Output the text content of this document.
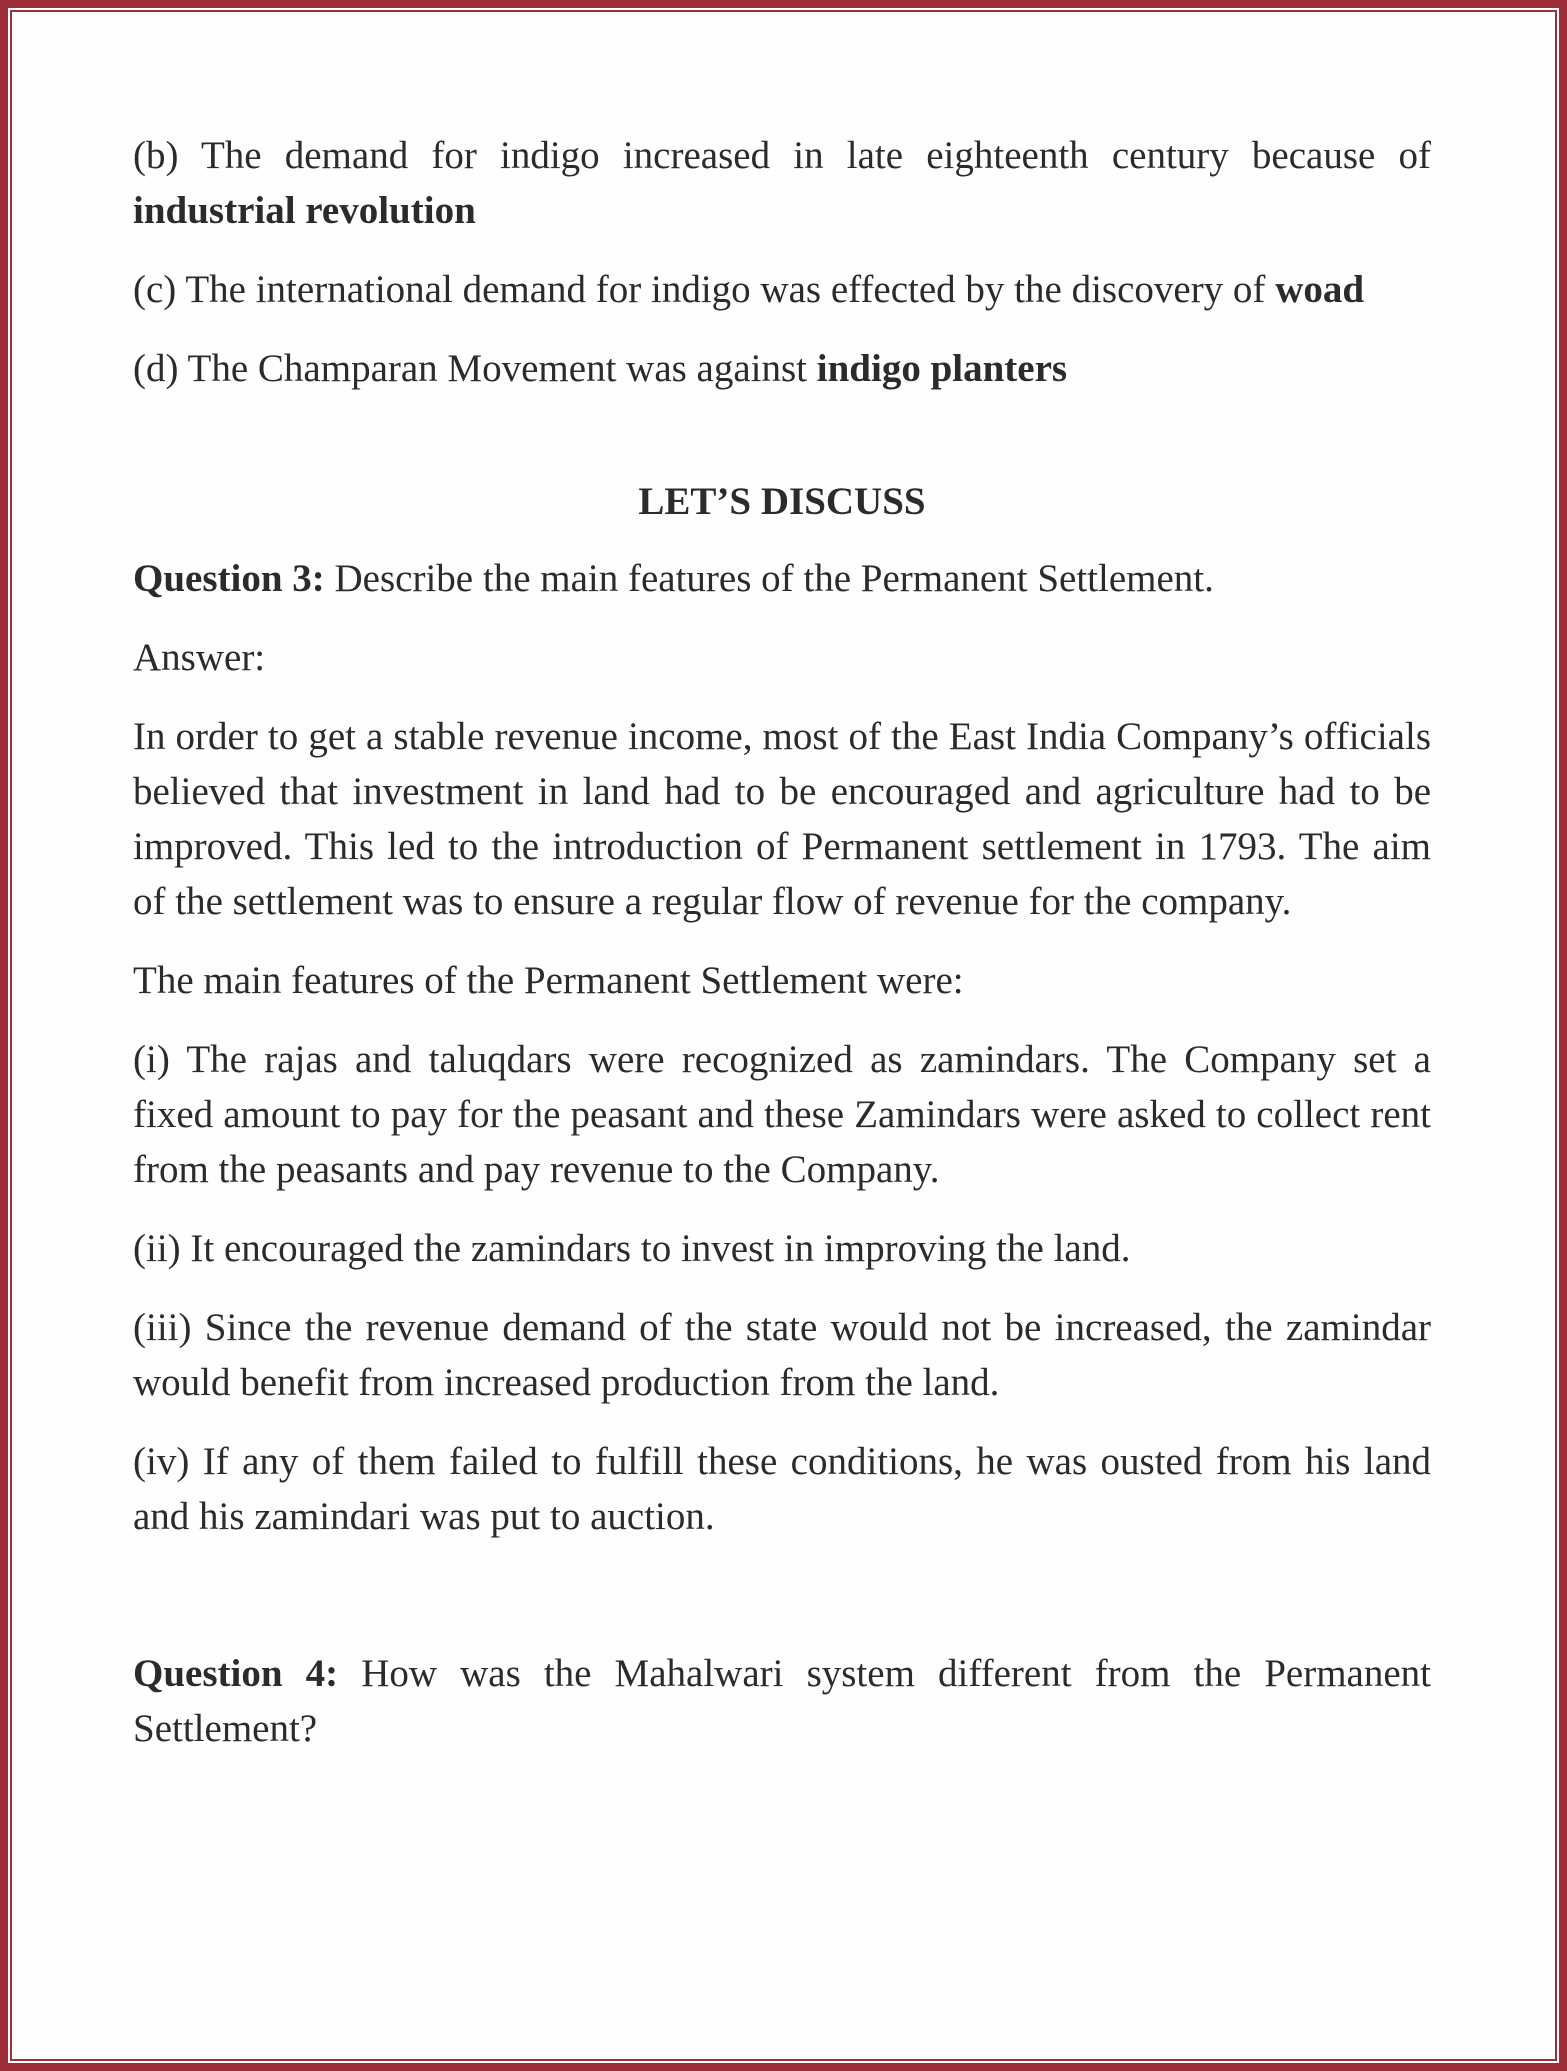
(b) The demand for indigo increased in late eighteenth century because of industrial revolution

(c) The international demand for indigo was effected by the discovery of woad

(d) The Champaran Movement was against indigo planters

LET’S DISCUSS

Question 3: Describe the main features of the Permanent Settlement.

Answer:

In order to get a stable revenue income, most of the East India Company’s officials believed that investment in land had to be encouraged and agriculture had to be improved. This led to the introduction of Permanent settlement in 1793. The aim of the settlement was to ensure a regular flow of revenue for the company.

The main features of the Permanent Settlement were:

(i) The rajas and taluqdars were recognized as zamindars. The Company set a fixed amount to pay for the peasant and these Zamindars were asked to collect rent from the peasants and pay revenue to the Company.

(ii) It encouraged the zamindars to invest in improving the land.

(iii) Since the revenue demand of the state would not be increased, the zamindar would benefit from increased production from the land.

(iv) If any of them failed to fulfill these conditions, he was ousted from his land and his zamindari was put to auction.

Question 4: How was the Mahalwari system different from the Permanent Settlement?
